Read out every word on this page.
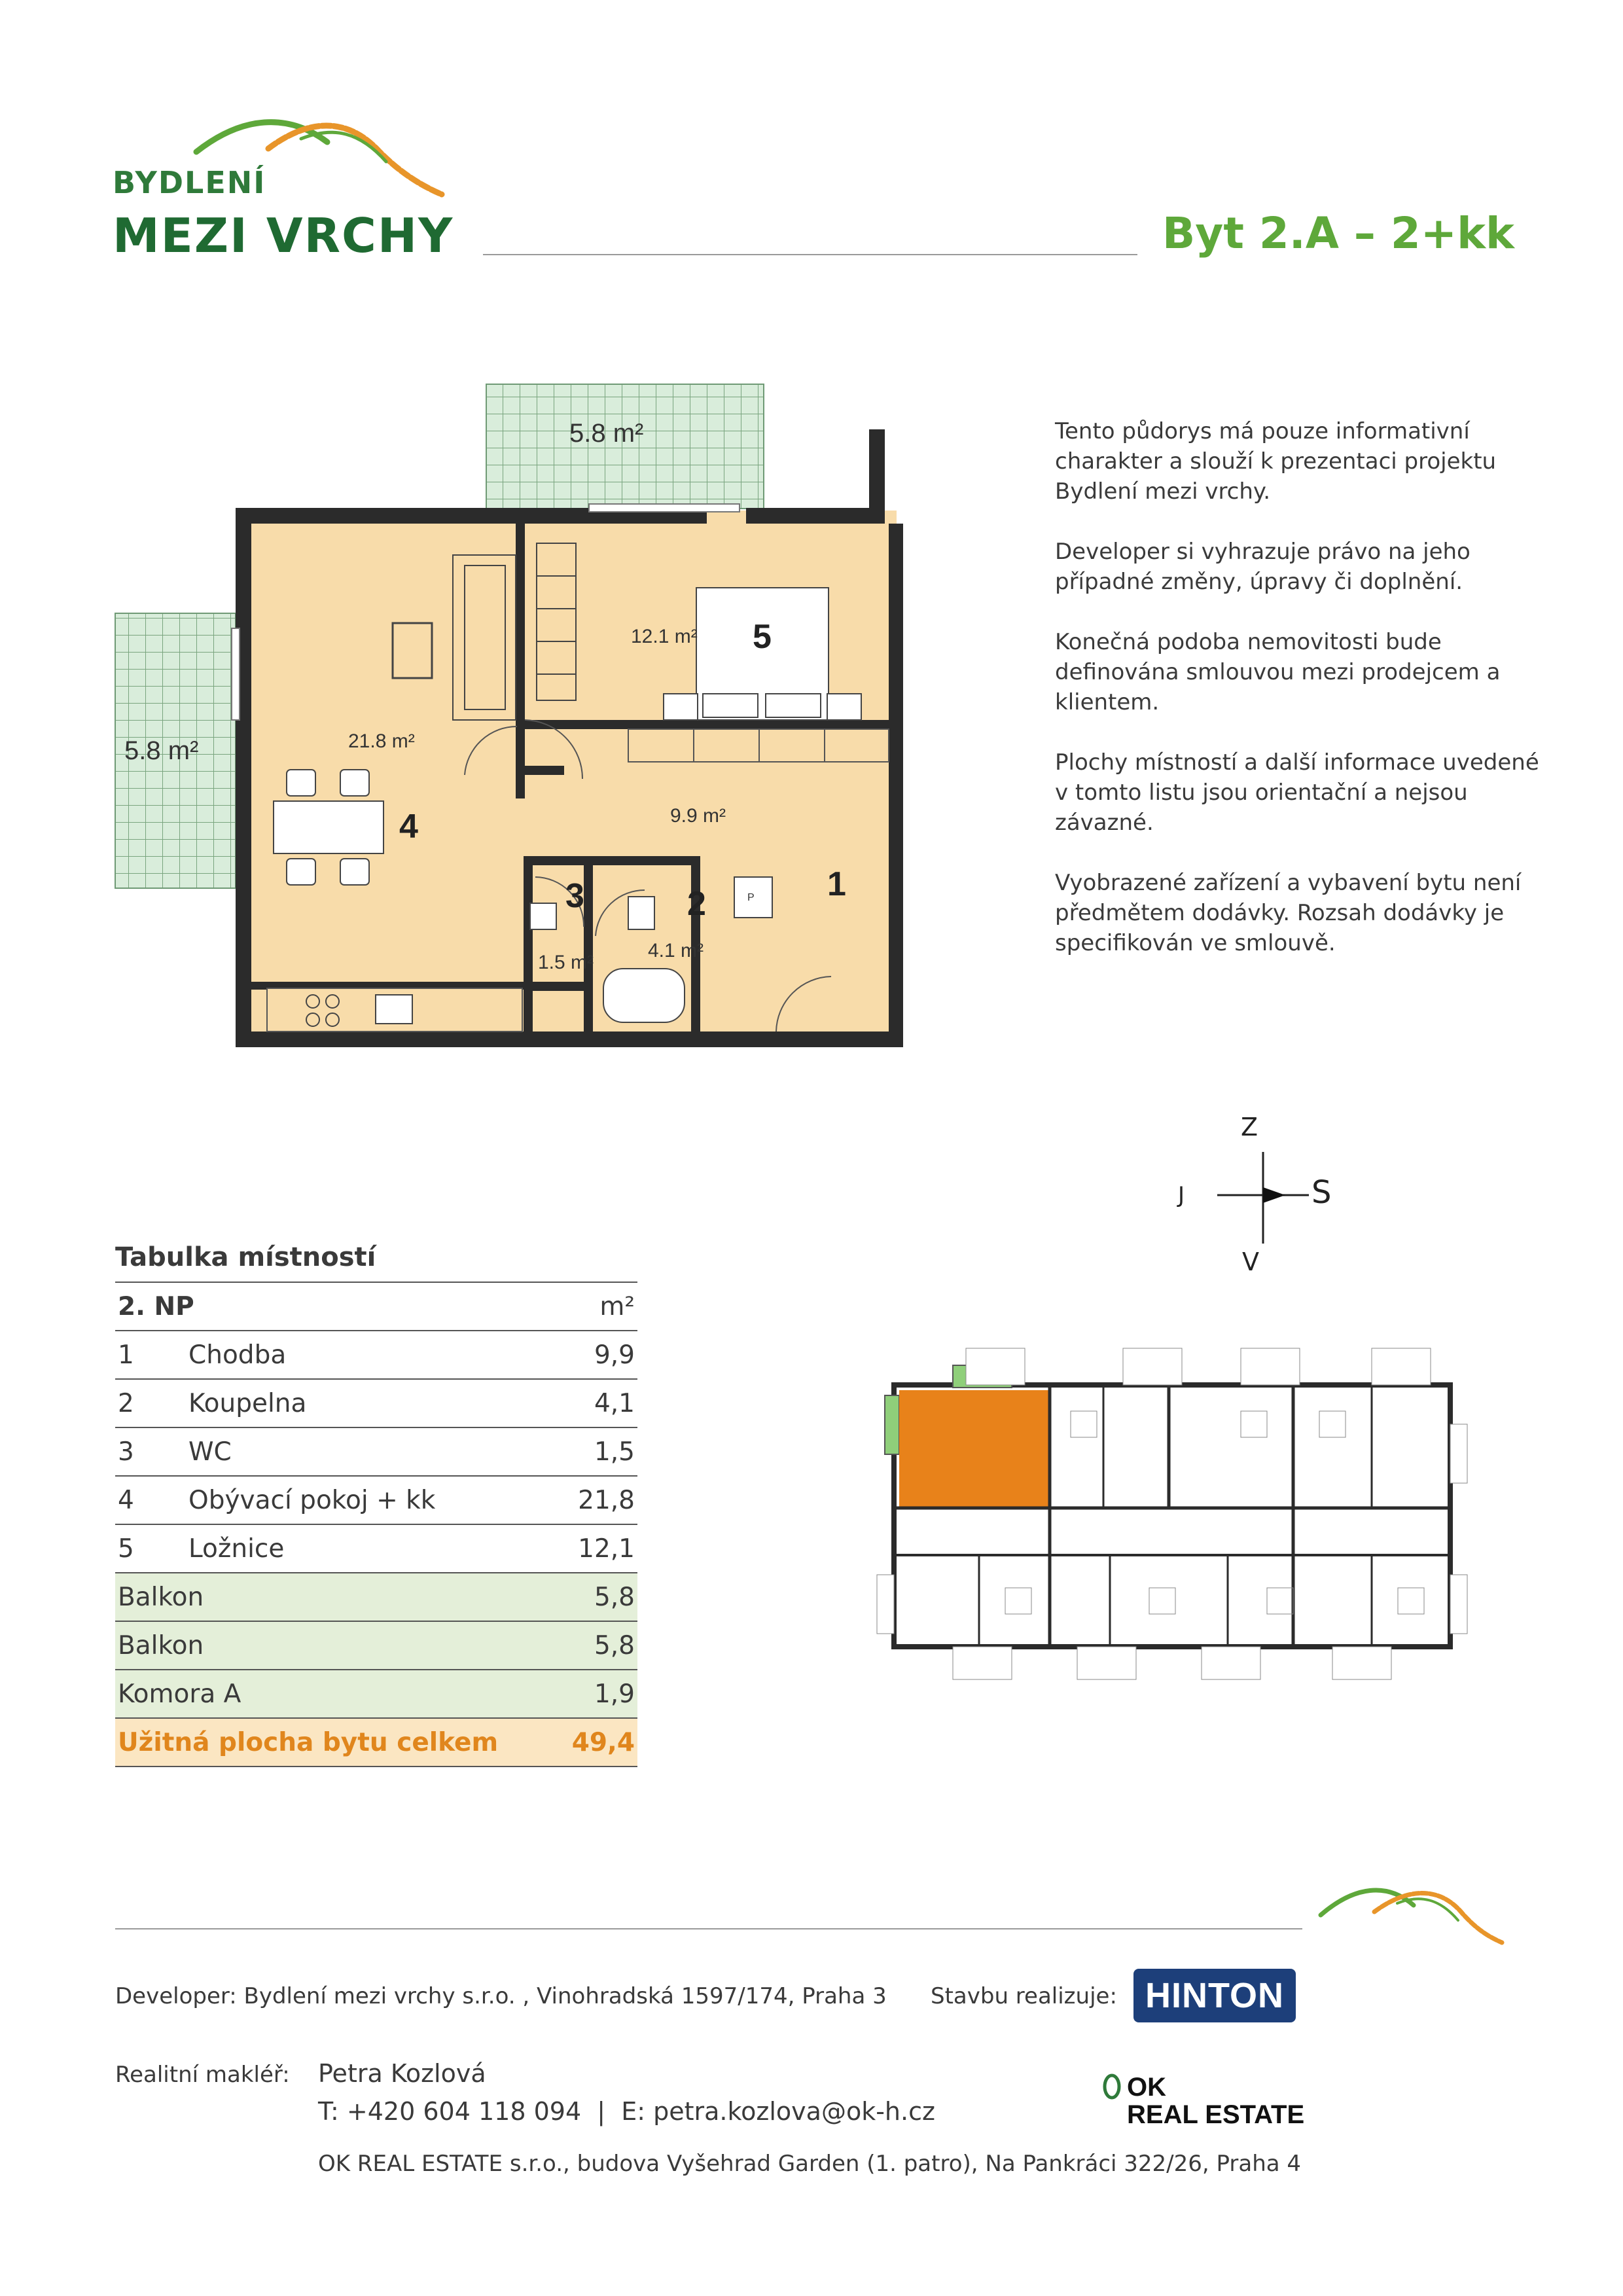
BYDLENÍ
MEZI VRCHY	Byt 2.A – 2+kk
5.8 m²
5.8 m²
12.1 m² 5
21.8 m²
4	9.9 m²
1
2
4.1 m²
3
1.5 m²
P

Tento půdorys má pouze informativní charakter a slouží k prezentaci projektu Bydlení mezi vrchy.

Developer si vyhrazuje právo na jeho případné změny, úpravy či doplnění.

Konečná podoba nemovitosti bude definována smlouvou mezi prodejcem a klientem.

Plochy místností a další informace uvedené v tomto listu jsou orientační a nejsou závazné.

Vyobrazené zařízení a vybavení bytu není předmětem dodávky. Rozsah dodávky je specifikován ve smlouvě.

Z
V
J	S
Tabulka místností
2. NP		m²
1	Chodba	9,9
2	Koupelna	4,1
3	WC	1,5
4	Obývací pokoj + kk	21,8
5	Ložnice	12,1
Balkon		5,8
Balkon		5,8
Komora A		1,9
Užitná plocha bytu celkem		49,4
Developer: Bydlení mezi vrchy s.r.o. , Vinohradská 1597/174, Praha 3 Stavbu realizuje: HINTON
Realitní makléř: Petra Kozlová
T: +420 604 118 094  |  E: petra.kozlova@ok-h.cz
OK
REAL ESTATE
OK REAL ESTATE s.r.o., budova Vyšehrad Garden (1. patro), Na Pankráci 322/26, Praha 4
